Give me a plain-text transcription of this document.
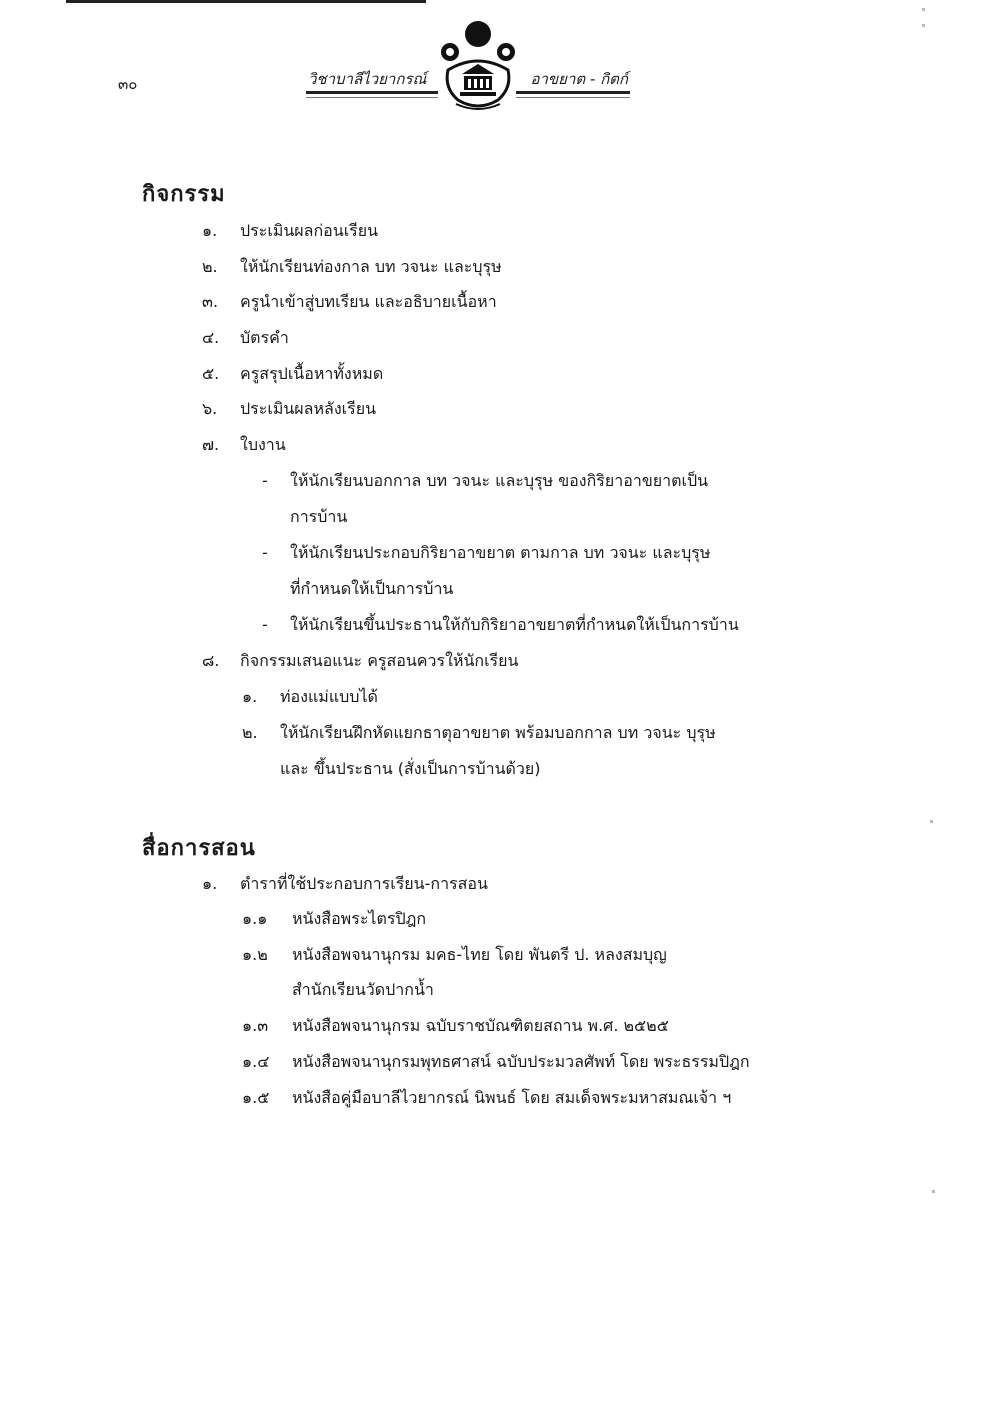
๓๐	วิชาบาลีไวยากรณ์	อาขยาต - กิตก์
กิจกรรม
๑. ประเมินผลก่อนเรียน
๒. ให้นักเรียนท่องกาล บท วจนะ และบุรุษ
๓. ครูนำเข้าสู่บทเรียน และอธิบายเนื้อหา
๔. บัตรคำ
๕. ครูสรุปเนื้อหาทั้งหมด
๖. ประเมินผลหลังเรียน
๗. ใบงาน
- ให้นักเรียนบอกกาล บท วจนะ และบุรุษ ของกิริยาอาขยาตเป็น
การบ้าน
- ให้นักเรียนประกอบกิริยาอาขยาต ตามกาล บท วจนะ และบุรุษ
ที่กำหนดให้เป็นการบ้าน
- ให้นักเรียนขึ้นประธานให้กับกิริยาอาขยาตที่กำหนดให้เป็นการบ้าน
๘. กิจกรรมเสนอแนะ ครูสอนควรให้นักเรียน
๑. ท่องแม่แบบได้
๒. ให้นักเรียนฝึกหัดแยกธาตุอาขยาต พร้อมบอกกาล บท วจนะ บุรุษ
และ ขึ้นประธาน (สั่งเป็นการบ้านด้วย)
สื่อการสอน
๑. ตำราที่ใช้ประกอบการเรียน-การสอน
๑.๑ หนังสือพระไตรปิฎก
๑.๒ หนังสือพจนานุกรม มคธ-ไทย โดย พันตรี ป. หลงสมบุญ
สำนักเรียนวัดปากน้ำ
๑.๓ หนังสือพจนานุกรม ฉบับราชบัณฑิตยสถาน พ.ศ. ๒๕๒๕
๑.๔ หนังสือพจนานุกรมพุทธศาสน์ ฉบับประมวลศัพท์ โดย พระธรรมปิฎก
๑.๕ หนังสือคู่มือบาลีไวยากรณ์ นิพนธ์ โดย สมเด็จพระมหาสมณเจ้า ฯ
